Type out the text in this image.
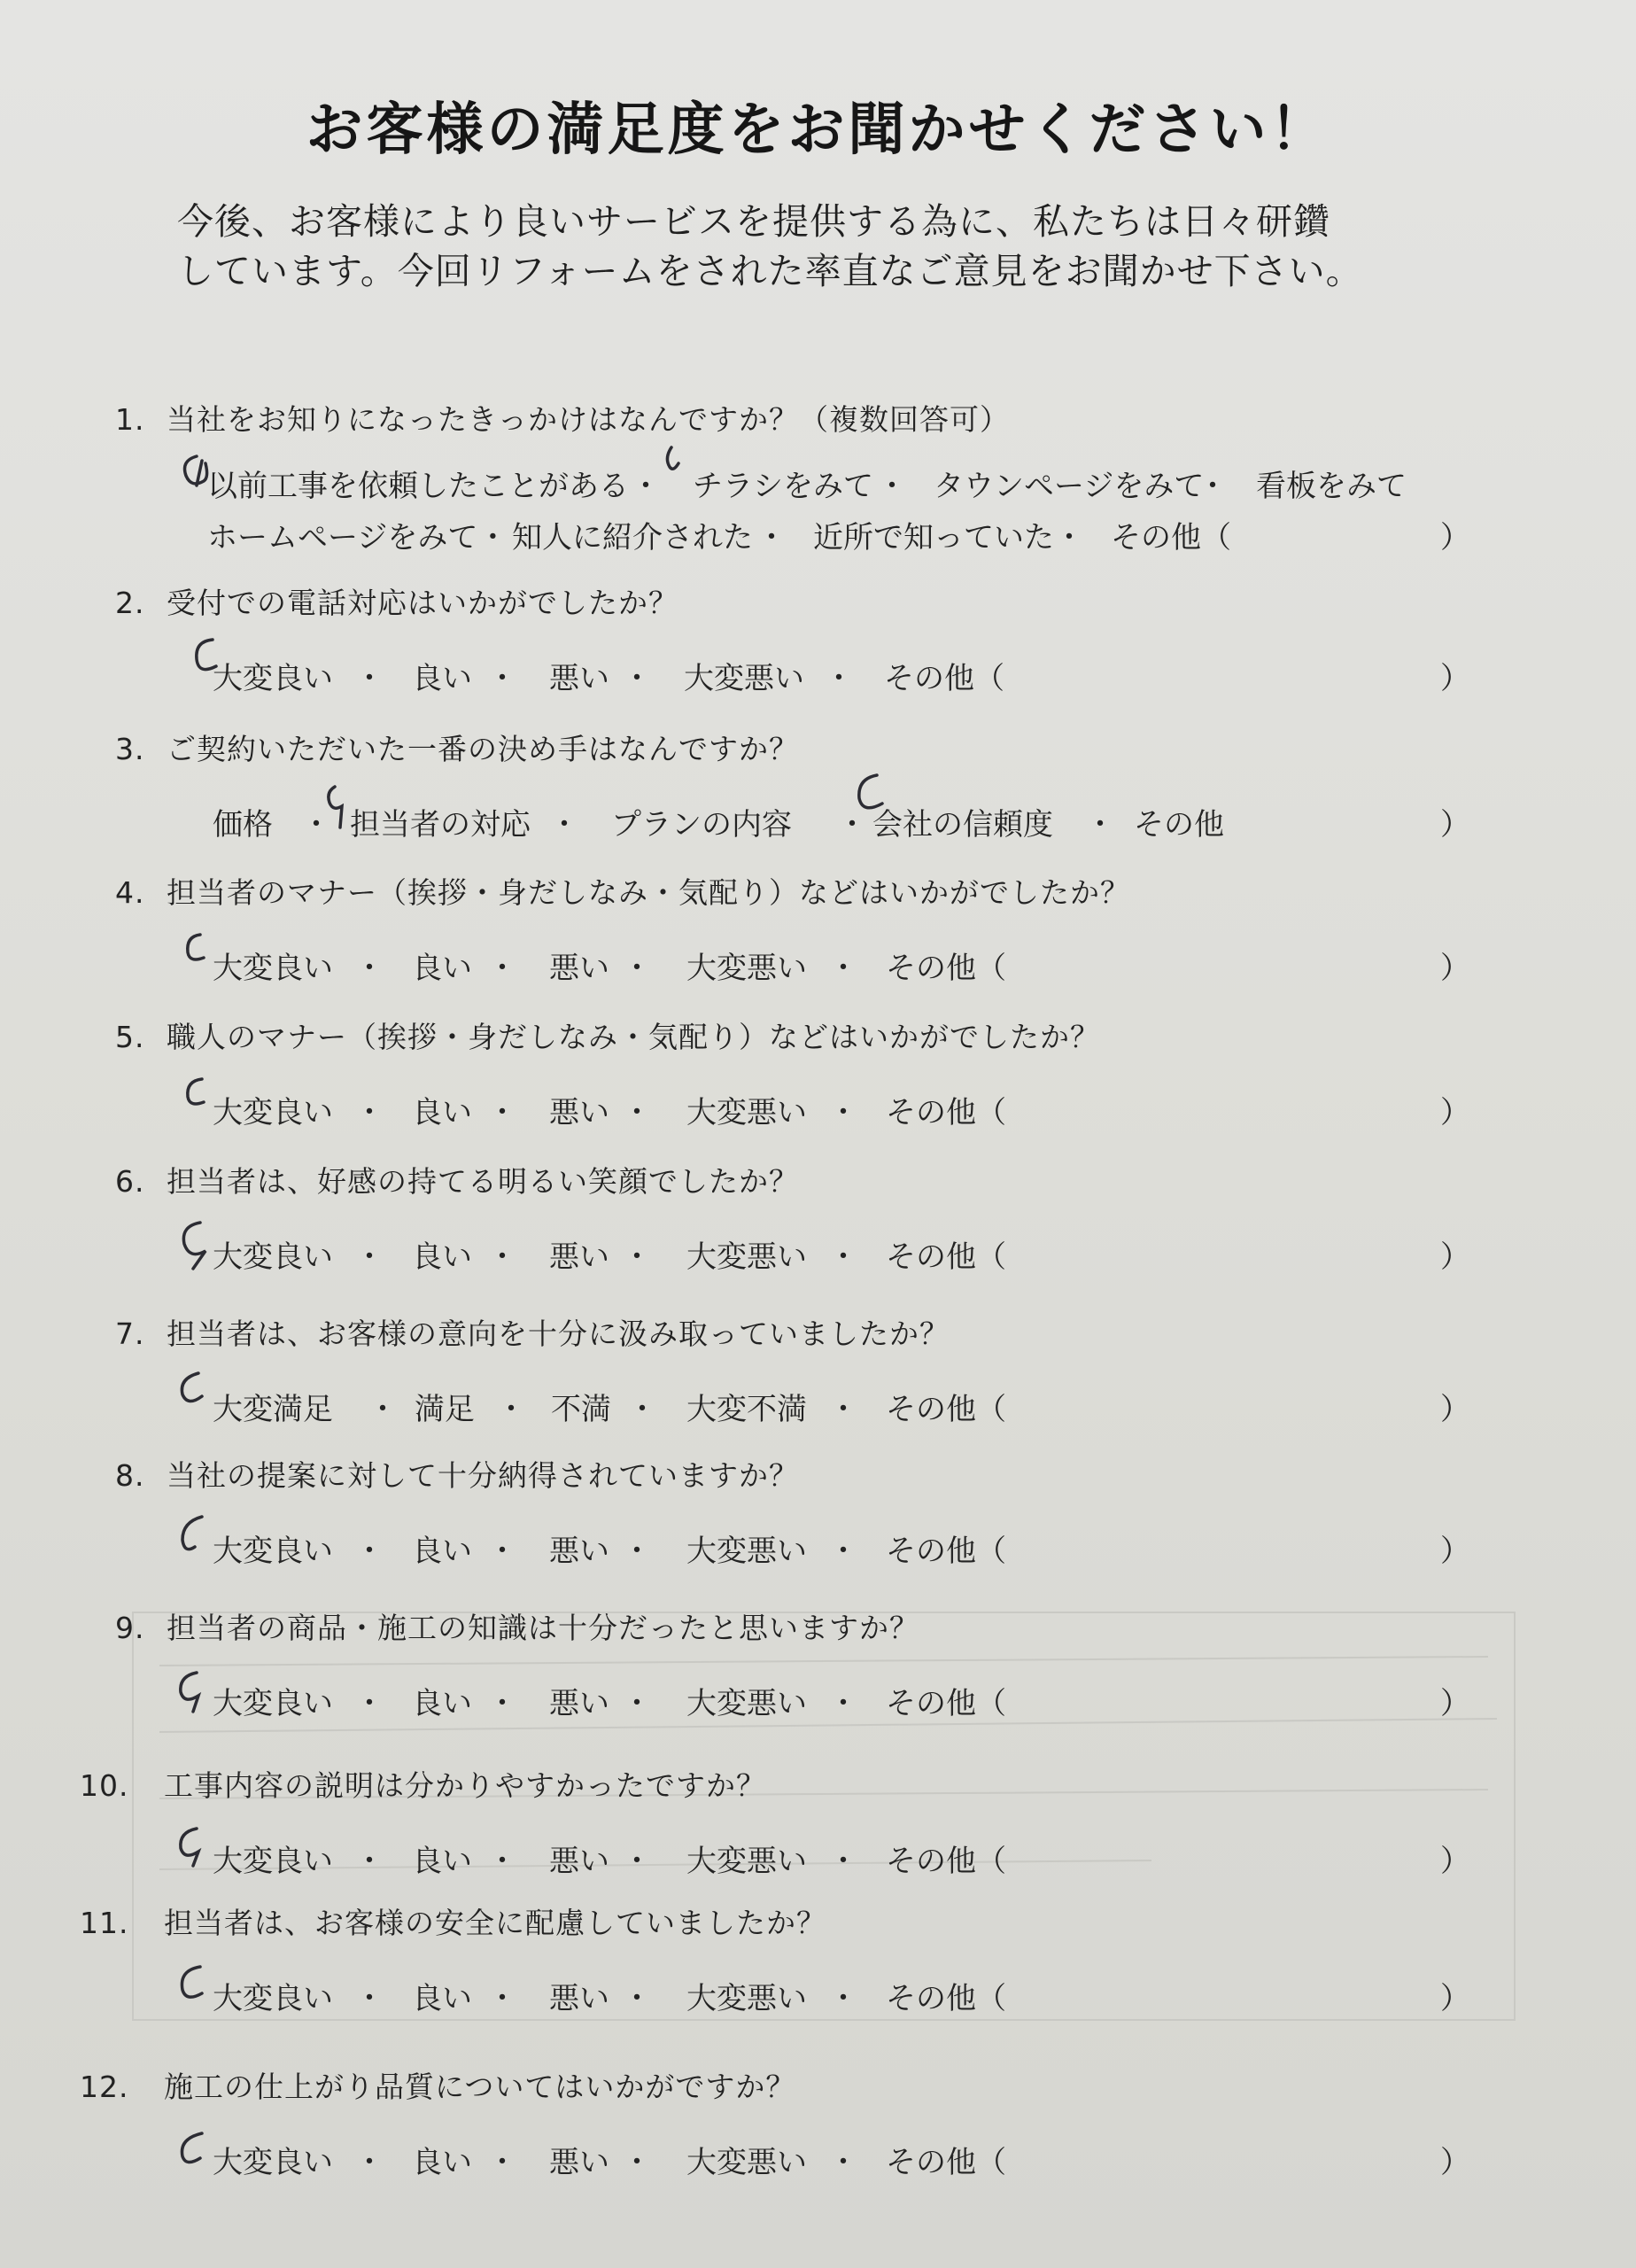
お客様の満足度をお聞かせください！
今後、お客様により良いサービスを提供する為に、私たちは日々研鑽
しています。今回リフォームをされた率直なご意見をお聞かせ下さい。
1. 当社をお知りになったきっかけはなんですか？（複数回答可）
以前工事を依頼したことがある ・ チラシをみて ・ タウンページをみて
・ 看板をみて
ホームページをみて・ 知人に紹介された ・ 近所で知っていた ・ その他（	）
2. 受付での電話対応はいかがでしたか？
大変良い ・ 良い ・ 悪い ・ 大変悪い ・ その他（	）
3. ご契約いただいた一番の決め手はなんですか？
価格 ・ 担当者の対応 ・ プランの内容 ・ 会社の信頼度 ・ その他	）
4. 担当者のマナー（挨拶・身だしなみ・気配り）などはいかがでしたか？
大変良い ・ 良い ・ 悪い ・ 大変悪い ・ その他（	）
5. 職人のマナー（挨拶・身だしなみ・気配り）などはいかがでしたか？
大変良い ・ 良い ・ 悪い ・ 大変悪い ・ その他（	）
6. 担当者は、好感の持てる明るい笑顔でしたか？
大変良い ・ 良い ・ 悪い ・ 大変悪い ・ その他（	）
7. 担当者は、お客様の意向を十分に汲み取っていましたか？
大変満足 ・ 満足 ・ 不満 ・ 大変不満 ・ その他（	）
8. 当社の提案に対して十分納得されていますか？
大変良い ・ 良い ・ 悪い ・ 大変悪い ・ その他（	）
9. 担当者の商品・施工の知識は十分だったと思いますか？
大変良い ・ 良い ・ 悪い ・ 大変悪い ・ その他（	）
10. 工事内容の説明は分かりやすかったですか？
大変良い ・ 良い ・ 悪い ・ 大変悪い ・ その他（	）
11. 担当者は、お客様の安全に配慮していましたか？
大変良い ・ 良い ・ 悪い ・ 大変悪い ・ その他（	）
12. 施工の仕上がり品質についてはいかがですか？
大変良い ・ 良い ・ 悪い ・ 大変悪い ・ その他（	）
